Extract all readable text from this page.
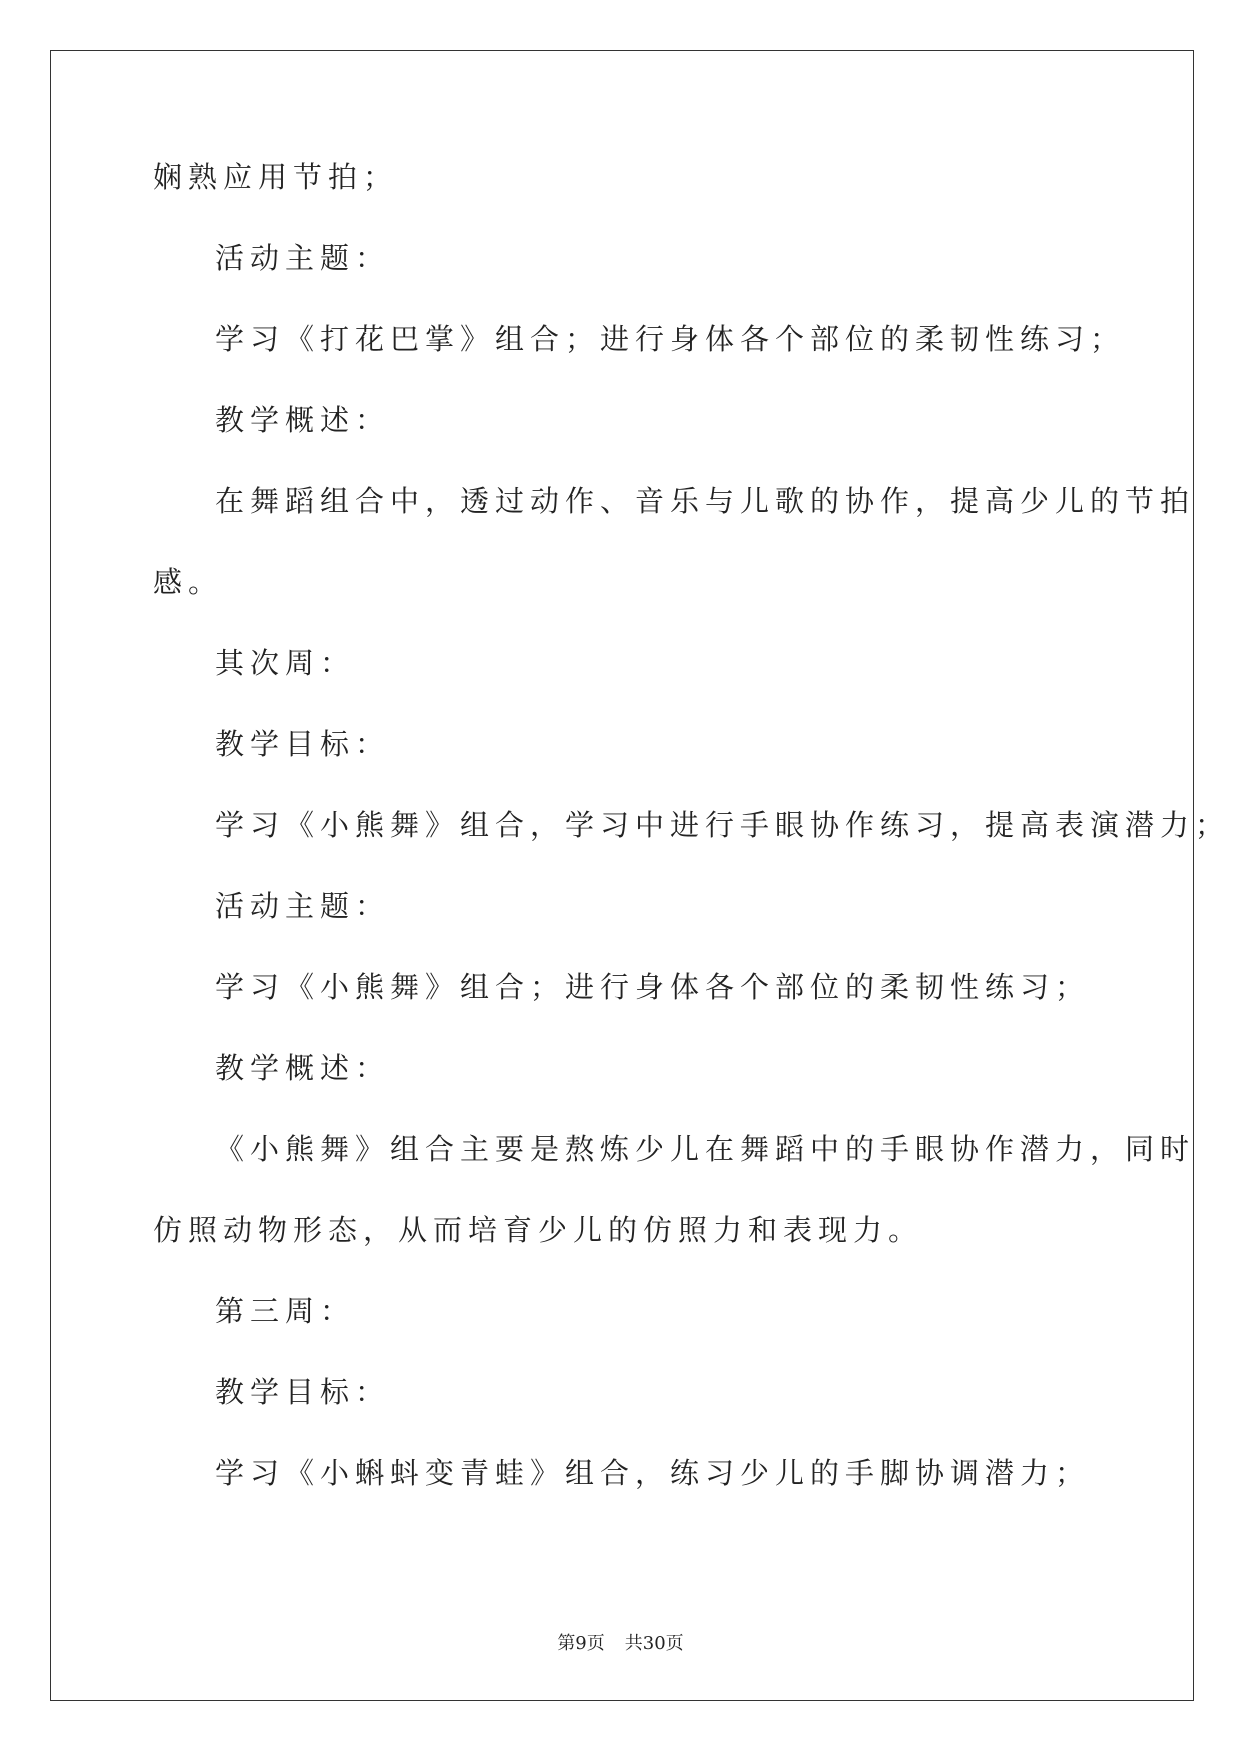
娴熟应用节拍；
活动主题：
学习《打花巴掌》组合；进行身体各个部位的柔韧性练习；
教学概述：
在舞蹈组合中，透过动作、音乐与儿歌的协作，提高少儿的节拍
感。
其次周：
教学目标：
学习《小熊舞》组合，学习中进行手眼协作练习，提高表演潜力；
活动主题：
学习《小熊舞》组合；进行身体各个部位的柔韧性练习；
教学概述：
《小熊舞》组合主要是熬炼少儿在舞蹈中的手眼协作潜力，同时
仿照动物形态，从而培育少儿的仿照力和表现力。
第三周：
教学目标：
学习《小蝌蚪变青蛙》组合，练习少儿的手脚协调潜力；
第9页 共30页
